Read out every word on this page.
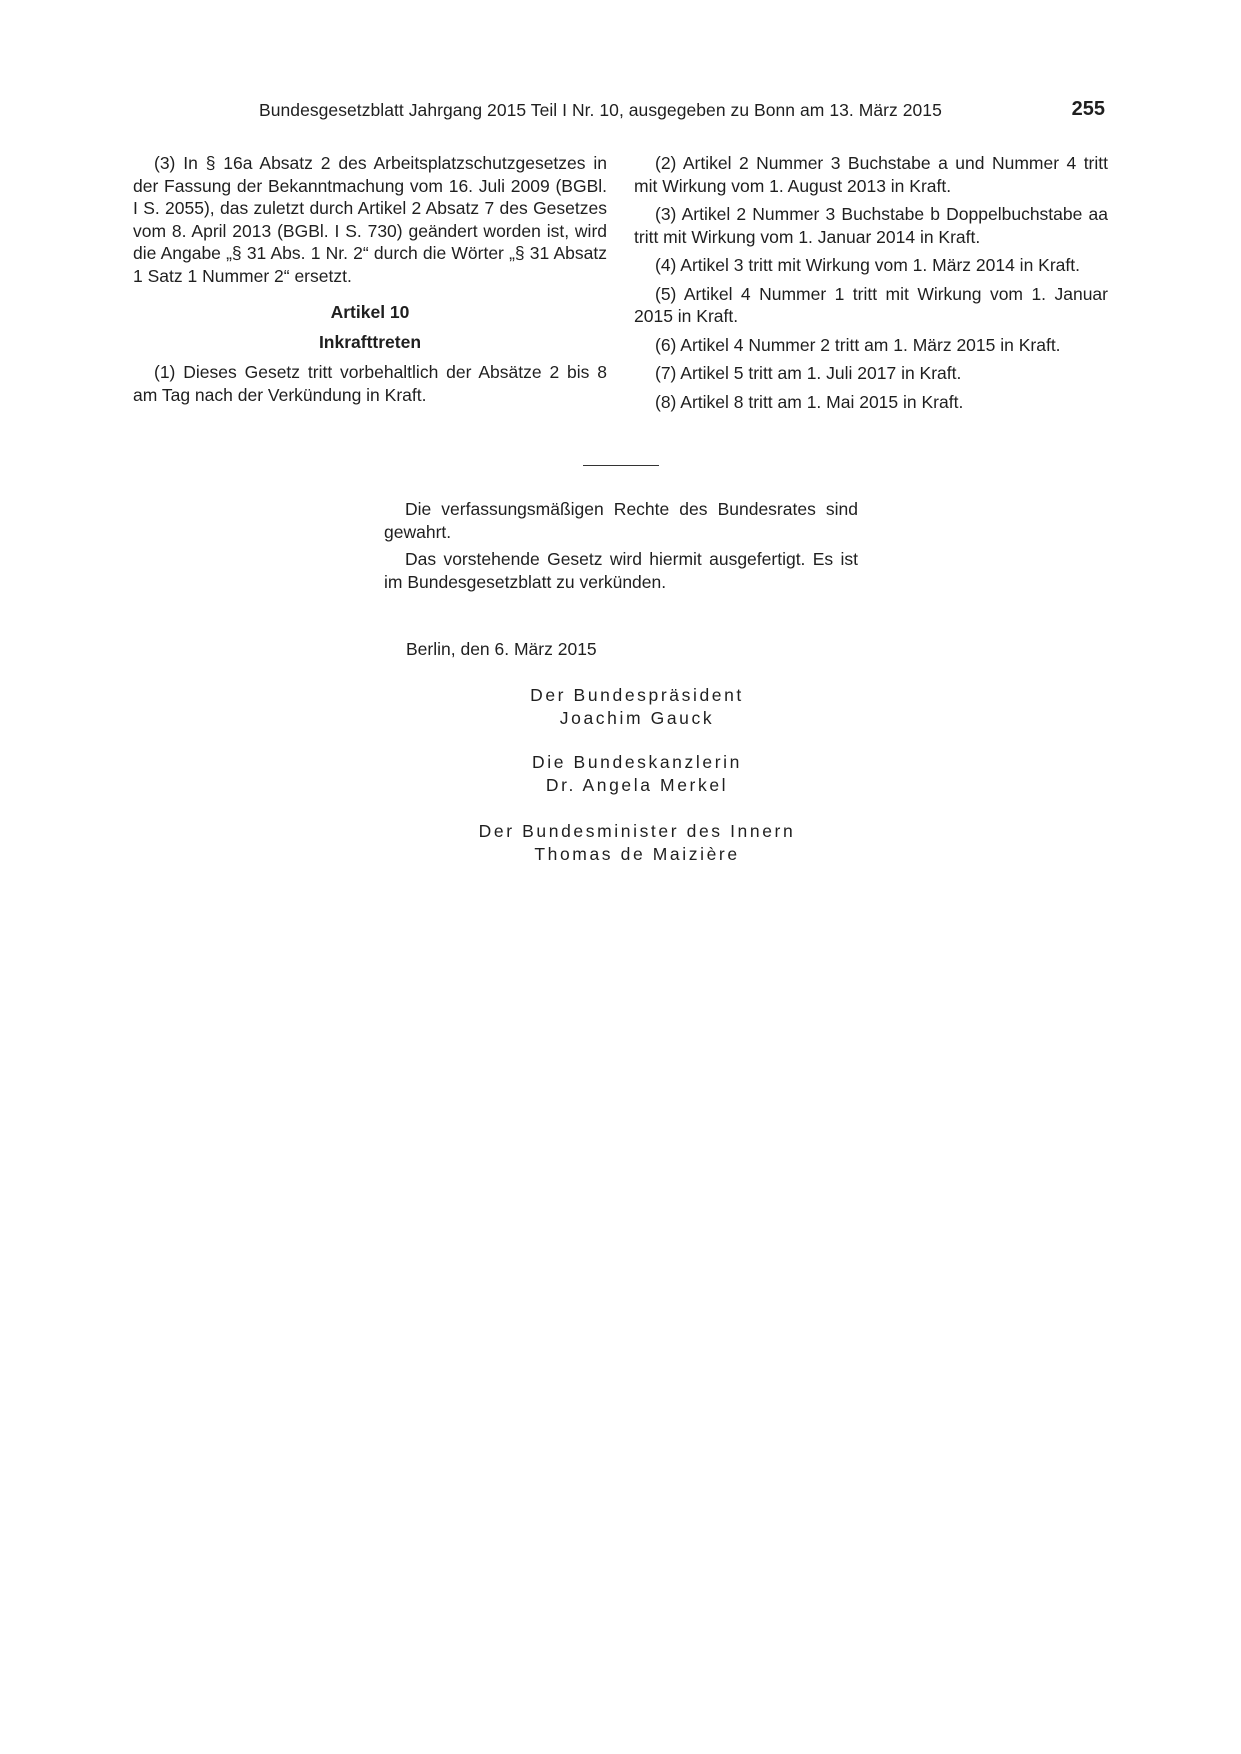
Bundesgesetzblatt Jahrgang 2015 Teil I Nr. 10, ausgegeben zu Bonn am 13. März 2015	255

(3) In § 16a Absatz 2 des Arbeitsplatzschutzgesetzes in der Fassung der Bekanntmachung vom 16. Juli 2009 (BGBl. I S. 2055), das zuletzt durch Artikel 2 Absatz 7 des Gesetzes vom 8. April 2013 (BGBl. I S. 730) geändert worden ist, wird die Angabe „§ 31 Abs. 1 Nr. 2“ durch die Wörter „§ 31 Absatz 1 Satz 1 Nummer 2“ ersetzt.

Artikel 10
Inkrafttreten

(1) Dieses Gesetz tritt vorbehaltlich der Absätze 2 bis 8 am Tag nach der Verkündung in Kraft.

(2) Artikel 2 Nummer 3 Buchstabe a und Nummer 4 tritt mit Wirkung vom 1. August 2013 in Kraft.

(3) Artikel 2 Nummer 3 Buchstabe b Doppelbuchstabe aa tritt mit Wirkung vom 1. Januar 2014 in Kraft.

(4) Artikel 3 tritt mit Wirkung vom 1. März 2014 in Kraft.

(5) Artikel 4 Nummer 1 tritt mit Wirkung vom 1. Januar 2015 in Kraft.

(6) Artikel 4 Nummer 2 tritt am 1. März 2015 in Kraft.

(7) Artikel 5 tritt am 1. Juli 2017 in Kraft.

(8) Artikel 8 tritt am 1. Mai 2015 in Kraft.

Die verfassungsmäßigen Rechte des Bundesrates sind gewahrt.

Das vorstehende Gesetz wird hiermit ausgefertigt. Es ist im Bundesgesetzblatt zu verkünden.

Berlin, den 6. März 2015
Der Bundespräsident
Joachim Gauck
Die Bundeskanzlerin
Dr. Angela Merkel
Der Bundesminister des Innern
Thomas de Maizière
